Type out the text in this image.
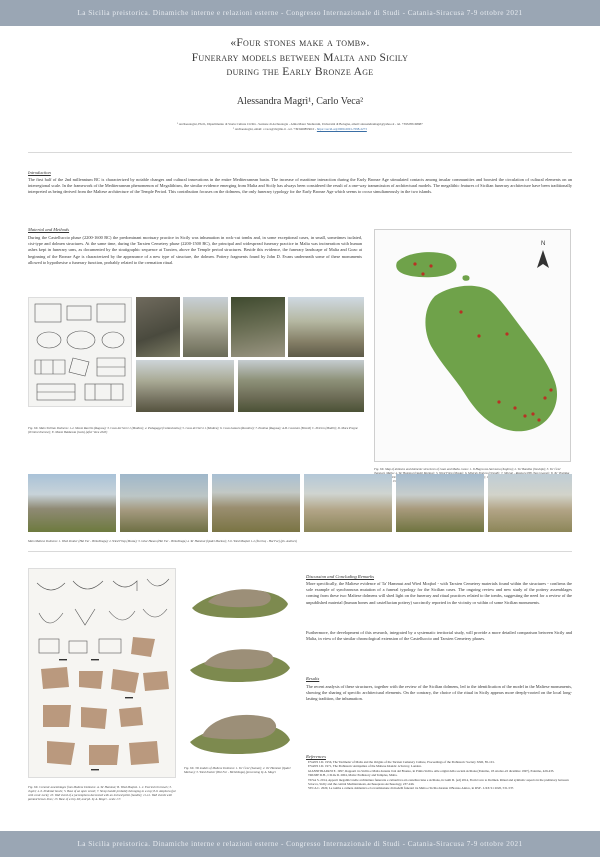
La Sicilia preistorica. Dinamiche interne e relazioni esterne - Congresso Internazionale di Studi - Catania-Siracusa 7-9 ottobre 2021
«Four stones make a tomb».
Funerary models between Malta and Sicily
during the Early Bronze Age
Alessandra Magrì¹, Carlo Veca²
¹ Archaeologist, Ph.D., Dipartimento di Storia Culture Civiltà - Sezione di Archeologia - Alma Mater Studiorum, Università di Bologna, email: alessandramagri@yahoo.it - tel. +393285168687
² Archaeologist, email: c.veca@virgilio.it - tel. +393460893610 - https://orcid.org/0000-0001-7098-2273
Introduction
The first half of the 2nd millennium BC is characterized by notable changes and cultural innovations in the entire Mediterranean basin. The increase of maritime interaction during the Early Bronze Age stimulated contacts among insular communities and boosted the circulation of cultural elements on an interregional scale. In the framework of the Mediterranean phenomenon of Megalithism, the similar evidence emerging from Malta and Sicily has always been considered the result of a one-way transmission of architectural models. The megalithic features of Sicilian funerary architecture have been traditionally interpreted as being derived from the Maltese architecture of the Temple Period. This contribution focuses on the dolmens, the only funerary typology for the Early Bronze Age which seems to occur simultaneously in the two islands.
Material and Methods
During the Castelluccio phase (2200-1600 BC) the predominant mortuary practice in Sicily was inhumation in rock-cut tombs and, in some exceptional cases, in small, sometimes isolated, cist-type and dolmen structures. At the same time, during the Tarxien Cemetery phase (2200-1500 BC), the principal and widespread funerary practice in Malta was incineration with human ashes kept in funerary urns, as documented by the stratigraphic sequence at Tarxien, above the Temple period structures. Beside this evidence, the funerary landscape of Malta and Gozo at beginning of the Bronze Age is characterized by the appearance of a new type of structure, the dolmen. Pottery fragments found by John D. Evans underneath some of these monuments allowed to hypothesise a funerary function, probably related to the cremation ritual.
Fig. XX. Main Sicilian Dolmens: 1-2. Monte Racello (Ragusa); 3. Cava dei Servi 1 (Modica); 4. Pedagaggi (Caltanissetta); 5. Cava dei Servi 1 (Modica); 6. Cava Lazzaro (Rosolini); 7. Paolina (Ragusa); A-B. Cavaturo (Brontë) C. Petrero (Modili); D. Mura Pregne (Termini Imerese); E. Monte Baldassia (Gela) (after Veca 2020)
N
Fig. XX. Map of dolmens and dolmenic structures of Gozo and Malta. Gozo: 1. Il-Ħagra tas-Sarraena (Xagħra); 2. Ta' Bandisu (Xewkija); 3. Ta' Ćenċ Wied 13.
Main Maltese Dolmens: 1. Wied Znuber (Hal Far - Birżebbuġa); 2. Wied Filep (Mosta); 3. Għar Hasan (Hal Far - Birżebbuġa) 4. Ta' Hammut (Qadel Markus); 5-6. Wied Moqbol 1-2 (Żurrieq - Hal Far) (ph. Authors)
Fig. XX. Ceramic assemblages from Maltese Dolmens: A. Ta' Hammut; B. Wied Moqbol. 1. 2. Everted rim bowls; 3. Juglet; 4. 6. Pedestal bowls; 5. Base of an open vessel; 7. Strap handle probably belonging to a cup; 8-9. Amphora (jar with conic neck); 10. Wall sherd of a jar/amphora decorated with an incised pellet (handle); 11-12. Wall sherds with painted brown lines; 13. Base of a tiny lid; and ph. by A. Magrì - scale 1:3
Fig. XX. 3D models of Maltese Dolmens: 1. Ta' Ćenċ (Sannat); 2. Ta' Hammut (Qadel Markus); 3. Wied Znuber (Hal Far - Birżebbuġa) (processing by A. Magrì
Discussion and Concluding Remarks
More specifically, the Maltese evidence of Ta' Hammut and Wied Moqbol - with Tarxien Cemetery materials found within the structures - confirms the sole example of synchronous mutation of a funeral typology for the Sicilian cases. The ongoing review and new study of the pottery assemblages coming from these two Maltese dolmens will shed light on the funerary and ritual practices related to the tombs, suggesting the need for a review of the unpublished material (human bones and castellucian pottery) succinctly reported in the vicinity or within of some Sicilian monuments.
Furthermore, the development of this research, integrated by a systematic territorial study, will provide a more detailed comparison between Sicily and Malta, in view of the similar chronological extension of the Castelluccio and Tarxien Cemetery phases.
Results
The recent analysis of these structures, together with the review of the Sicilian dolmens, led to the identification of the model in the Maltese monuments, showing the sharing of specific architectural elements. On the contrary, the choice of the ritual in Sicily appears more deeply-rooted on the local long-lasting tradition, the inhumation.
References
EVANS J.D. 1956, The 'Dolmens' of Malta and the Origins of the Tarxien Cemetery Culture, Proceedings of the Prehistoric Society XXII, 85-101.
EVANS J.D. 1971, The Prehistoric Antiquities of the Maltese Islands: A Survey, London.
GIANNITRAPANI E. 1997, Rapporti tra Sicilia e Malta durante l'età del Bronzo, in Prima Sicilia. Alle origini della società siciliana (Palermo, 18 ottobre-22 dicembre 1997), Palermo, 429-433.
TRUMP D.H., CILIA D. 2004, Malta: Prehistory and Temples, Malta.
TUSA S. 2014, Apporti megalitici nelle architetture funerarie e cultuali tra età castellucciana e siciliana, in Gullì D. (ed) 2014, From Cave to Dolmen. Ritual and symbolic aspects in the prehistory between Sciacca, Sicily and the central Mediterranean, Archaeopress Archaeology, 237-246.
VECA C. 2020, Le tombe a camera dolmenica e la trasmissione di modelli funerari tra Malta e Sicilia durante il Bronzo Antico, in RSP - LXX S1 2020, 531-537.
La Sicilia preistorica. Dinamiche interne e relazioni esterne - Congresso Internazionale di Studi - Catania-Siracusa 7-9 ottobre 2021
